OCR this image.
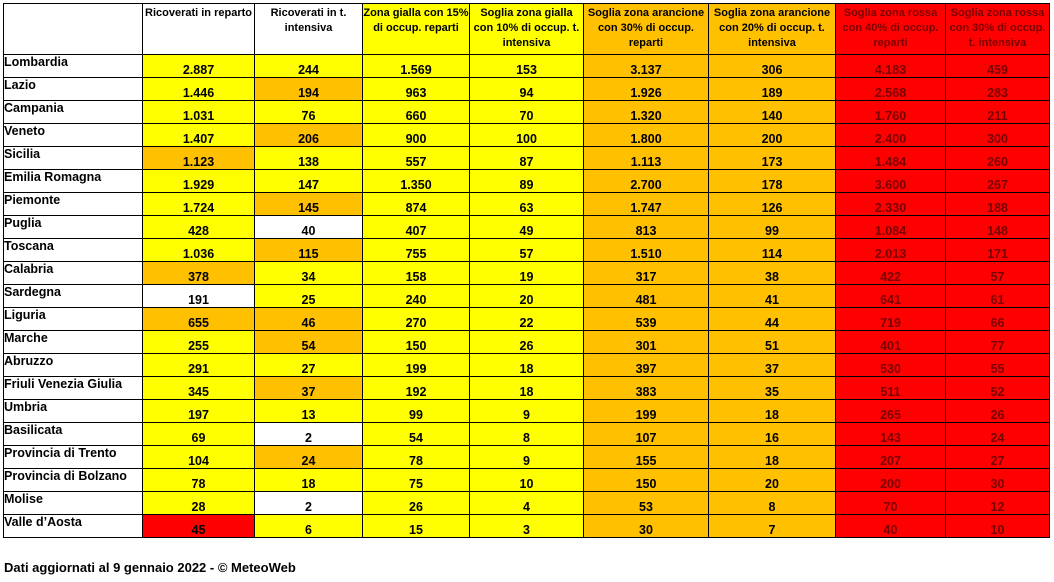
	Ricoverati in reparto	Ricoverati in t. intensiva	Zona gialla con 15% di occup. reparti	Soglia zona gialla con 10% di occup. t. intensiva	Soglia zona arancione con 30% di occup. reparti	Soglia zona arancione con 20% di occup. t. intensiva	Soglia zona rossa con 40% di occup. reparti	Soglia zona rossa con 30% di occup. t. intensiva
Lombardia	2.887	244	1.569	153	3.137	306	4.183	459
Lazio	1.446	194	963	94	1.926	189	2.568	283
Campania	1.031	76	660	70	1.320	140	1.760	211
Veneto	1.407	206	900	100	1.800	200	2.400	300
Sicilia	1.123	138	557	87	1.113	173	1.484	260
Emilia Romagna	1.929	147	1.350	89	2.700	178	3.600	267
Piemonte	1.724	145	874	63	1.747	126	2.330	188
Puglia	428	40	407	49	813	99	1.084	148
Toscana	1.036	115	755	57	1.510	114	2.013	171
Calabria	378	34	158	19	317	38	422	57
Sardegna	191	25	240	20	481	41	641	61
Liguria	655	46	270	22	539	44	719	66
Marche	255	54	150	26	301	51	401	77
Abruzzo	291	27	199	18	397	37	530	55
Friuli Venezia Giulia	345	37	192	18	383	35	511	52
Umbria	197	13	99	9	199	18	265	26
Basilicata	69	2	54	8	107	16	143	24
Provincia di Trento	104	24	78	9	155	18	207	27
Provincia di Bolzano	78	18	75	10	150	20	200	30
Molise	28	2	26	4	53	8	70	12
Valle d’Aosta	45	6	15	3	30	7	40	10
Dati aggiornati al 9 gennaio 2022 - © MeteoWeb
